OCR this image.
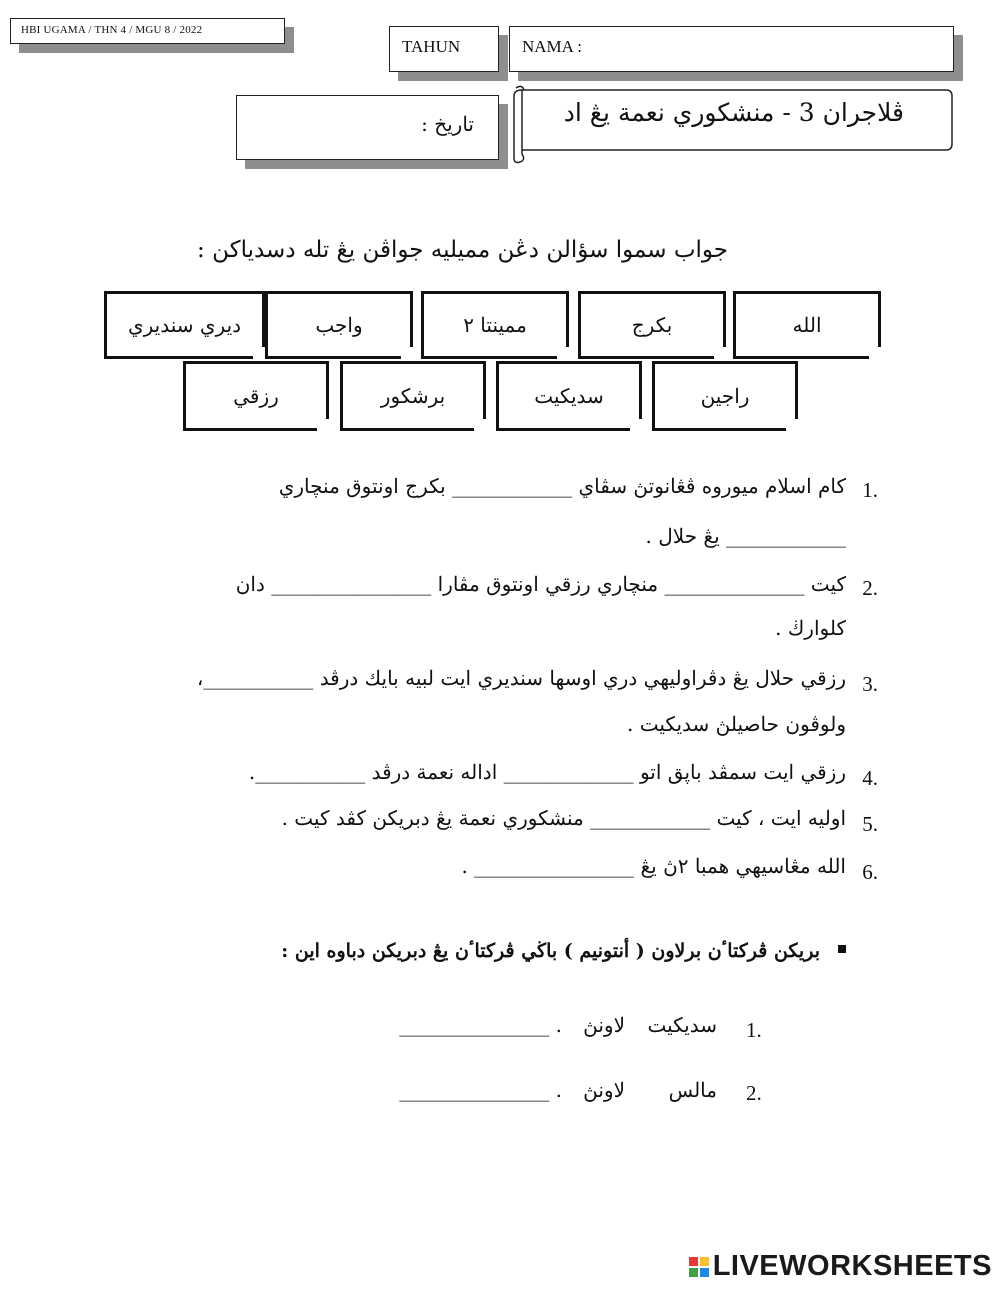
HBI UGAMA / THN 4 / MGU 8 / 2022
TAHUN	NAMA :
تاريخ :	ڤلاجران 3 - منشكوري نعمة يڠ اد
جواب سموا سؤالن دڠن مميليه جواڤن يڠ تله دسدياكن :
الله
بكرج
ممينتا ٢
واجب
ديري سنديري
راجين
سديكيت
برشكور
رزقي
1.
كام اسلام ميوروه ڤڠانوتڽ سڤاي ____________ بكرج اونتوق منچاري
____________ يڠ حلال .
2.
كيت ______________ منچاري رزقي اونتوق مڤارا ________________ دان
كلوارڬ .
3.
رزقي حلال يڠ دڤراوليهي دري اوسها سنديري ايت لبيه بايك درڤد ___________،
ولوڤون حاصيلڽ سديكيت .
4.
رزقي ايت سمڤد باڽق اتو _____________ اداله نعمة درڤد ___________.
5.
اوليه ايت ، كيت ____________ منشكوري نعمة يڠ دبريكن كڤد كيت .
6.
الله مڠاسيهي همبا ٢ڽ يڠ ________________ .
بريكن ڤركتاٴن برلاون ( أنتونيم ) باڬي ڤركتاٴن يڠ دبريكن دباوه اين :
1.
سديكيت
لاونڽ
_______________ .
2.
مالس
لاونڽ
_______________ .
LIVEWORKSHEETS
